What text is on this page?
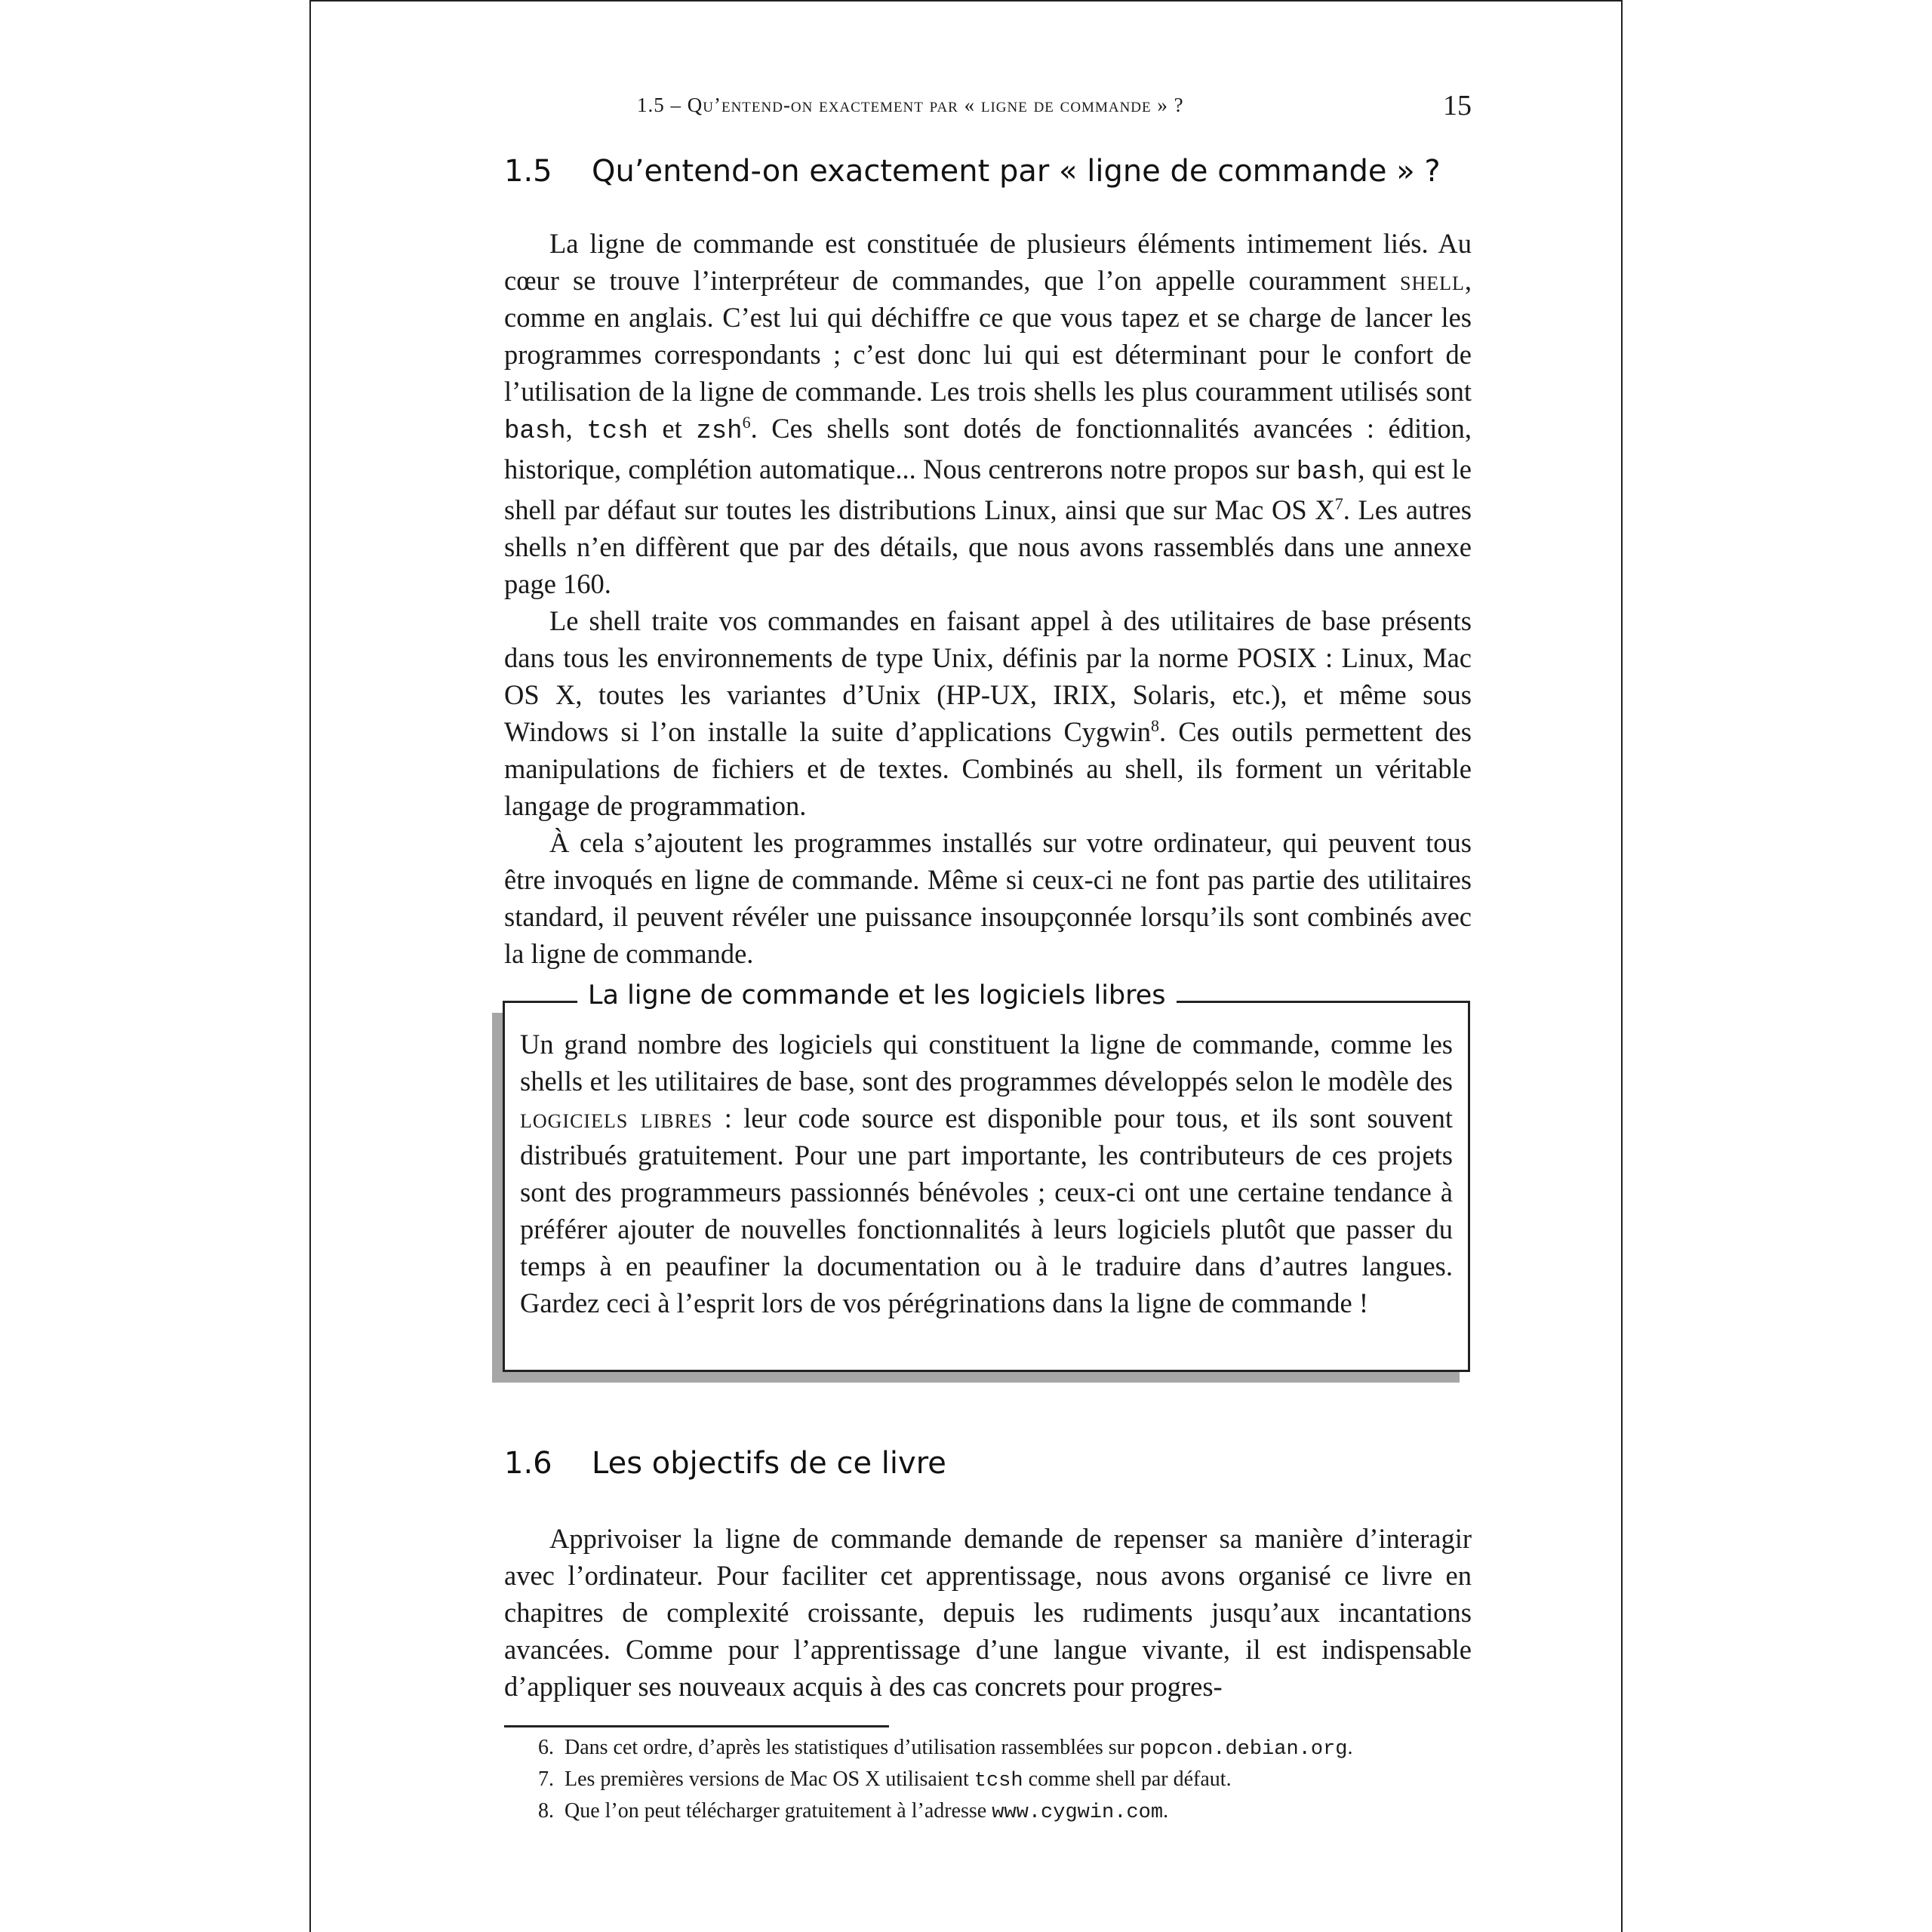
1.5 – Qu’entend-on exactement par « ligne de commande » ?	15
1.5 Qu’entend-on exactement par « ligne de commande » ?

La ligne de commande est constituée de plusieurs éléments intimement liés. Au cœur se trouve l’interpréteur de commandes, que l’on appelle couramment shell, comme en anglais. C’est lui qui déchiffre ce que vous tapez et se charge de lancer les programmes correspondants ; c’est donc lui qui est déterminant pour le confort de l’utilisation de la ligne de commande. Les trois shells les plus couramment utilisés sont bash, tcsh et zsh$^6$. Ces shells sont dotés de fonctionnalités avancées : édition, historique, complétion automatique... Nous centrerons notre propos sur bash, qui est le shell par défaut sur toutes les distributions Linux, ainsi que sur Mac OS $X^7$. Les autres shells n’en diffèrent que par des détails, que nous avons rassemblés dans une annexe page 160.

Le shell traite vos commandes en faisant appel à des utilitaires de base présents dans tous les environnements de type Unix, définis par la norme POSIX : Linux, Mac OS X, toutes les variantes d’Unix (HP-UX, IRIX, Solaris, etc.), et même sous Windows si l’on installe la suite d’applications Cygwin$^8$. Ces outils permettent des manipulations de fichiers et de textes. Combinés au shell, ils forment un véritable langage de programmation.

À cela s’ajoutent les programmes installés sur votre ordinateur, qui peuvent tous être invoqués en ligne de commande. Même si ceux-ci ne font pas partie des utilitaires standard, il peuvent révéler une puissance insoupçonnée lorsqu’ils sont combinés avec la ligne de commande.

La ligne de commande et les logiciels libres

Un grand nombre des logiciels qui constituent la ligne de commande, comme les shells et les utilitaires de base, sont des programmes développés selon le modèle des logiciels libres : leur code source est disponible pour tous, et ils sont souvent distribués gratuitement. Pour une part importante, les contributeurs de ces projets sont des programmeurs passionnés bénévoles ; ceux-ci ont une certaine tendance à préférer ajouter de nouvelles fonctionnalités à leurs logiciels plutôt que passer du temps à en peaufiner la documentation ou à le traduire dans d’autres langues. Gardez ceci à l’esprit lors de vos pérégrinations dans la ligne de commande !

1.6 Les objectifs de ce livre

Apprivoiser la ligne de commande demande de repenser sa manière d’interagir avec l’ordinateur. Pour faciliter cet apprentissage, nous avons organisé ce livre en chapitres de complexité croissante, depuis les rudiments jusqu’aux incantations avancées. Comme pour l’apprentissage d’une langue vivante, il est indispensable d’appliquer ses nouveaux acquis à des cas concrets pour progres-

6. Dans cet ordre, d’après les statistiques d’utilisation rassemblées sur popcon.debian.org.
7. Les premières versions de Mac OS X utilisaient tcsh comme shell par défaut.
8. Que l’on peut télécharger gratuitement à l’adresse www.cygwin.com.
